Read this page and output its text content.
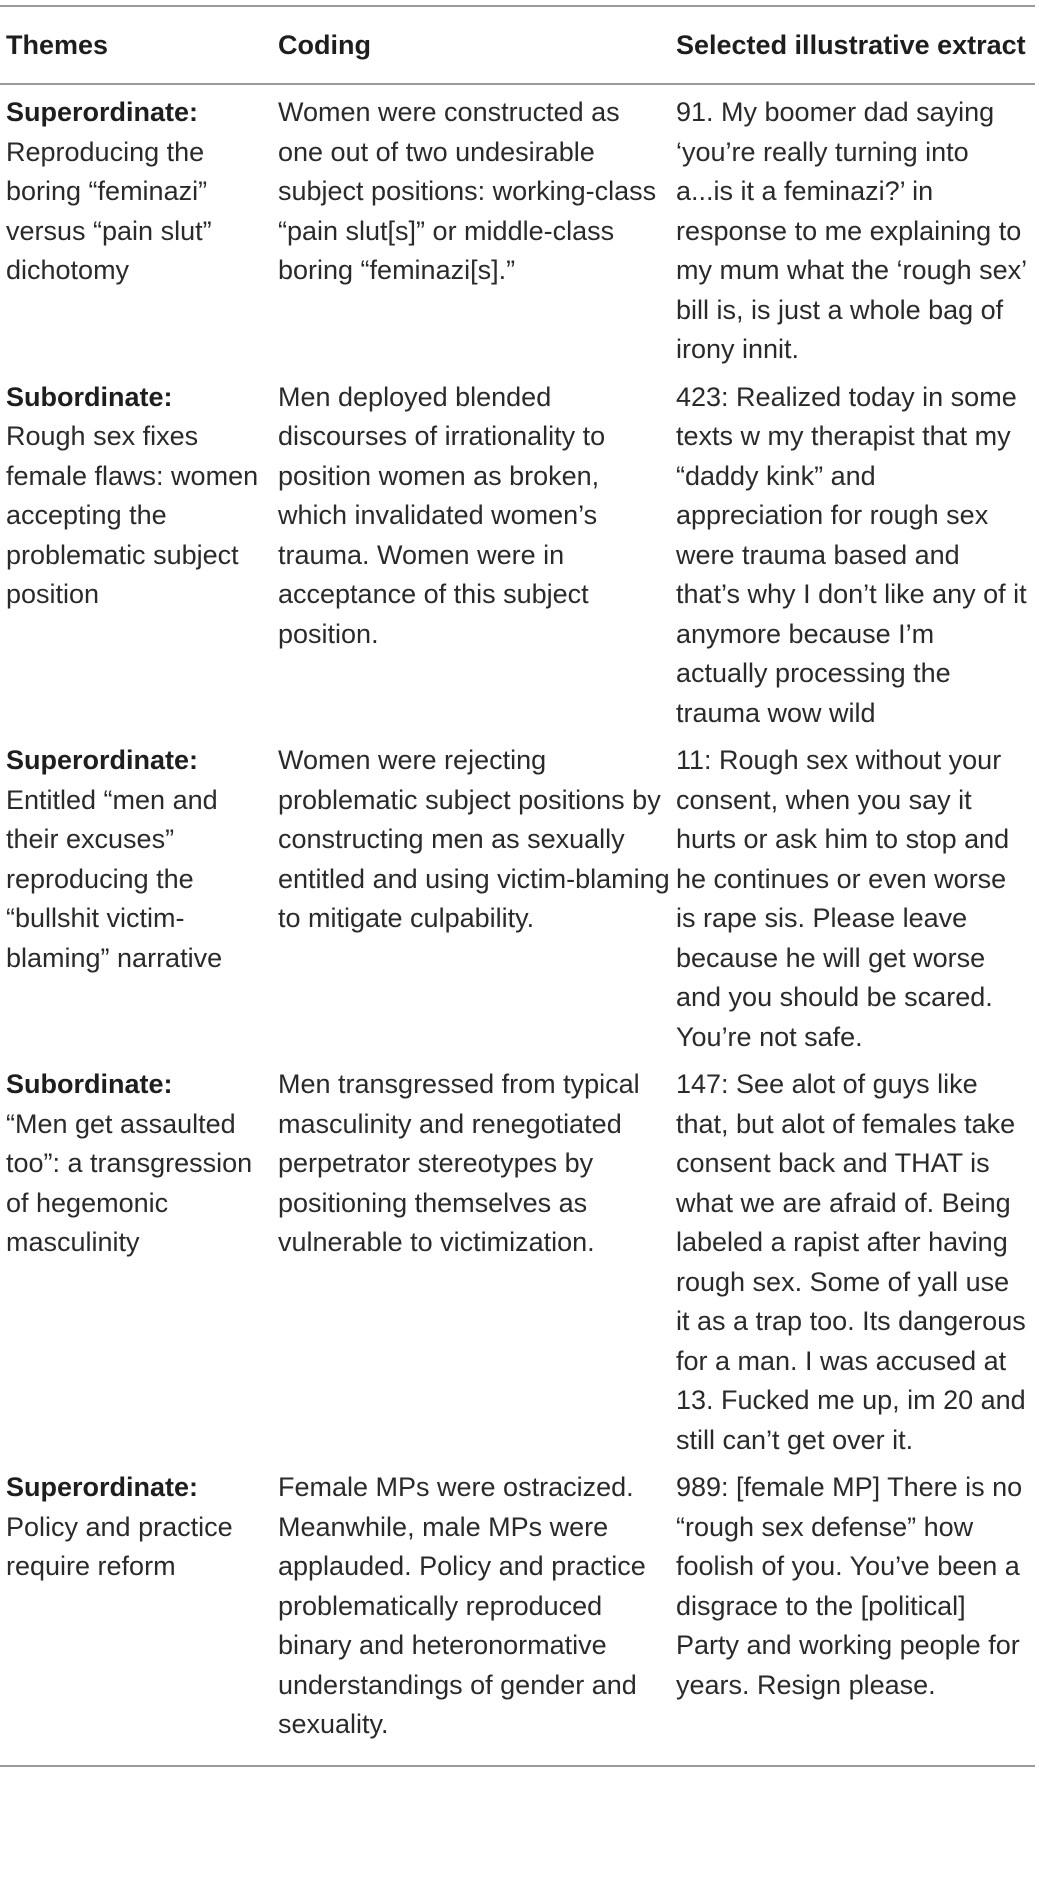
Themes	Coding	Selected illustrative extract

Superordinate:
Reproducing the boring “feminazi” versus “pain slut” dichotomy	Women were constructed as one out of two undesirable subject positions: working-class “pain slut[s]” or middle-class boring “feminazi[s].”	91. My boomer dad saying ‘you’re really turning into a...is it a feminazi?’ in response to me explaining to my mum what the ‘rough sex’ bill is, is just a whole bag of irony innit.

Subordinate:
Rough sex fixes female flaws: women accepting the problematic subject position	Men deployed blended discourses of irrationality to position women as broken, which invalidated women’s trauma. Women were in acceptance of this subject position.	423: Realized today in some texts w my therapist that my “daddy kink” and appreciation for rough sex were trauma based and that’s why I don’t like any of it anymore because I’m actually processing the trauma wow wild

Superordinate:
Entitled “men and their excuses” reproducing the “bullshit victim-blaming” narrative	Women were rejecting problematic subject positions by constructing men as sexually entitled and using victim-blaming to mitigate culpability.	11: Rough sex without your consent, when you say it hurts or ask him to stop and he continues or even worse is rape sis. Please leave because he will get worse and you should be scared. You’re not safe.

Subordinate:
“Men get assaulted too”: a transgression of hegemonic masculinity	Men transgressed from typical masculinity and renegotiated perpetrator stereotypes by positioning themselves as vulnerable to victimization.	147: See alot of guys like that, but alot of females take consent back and THAT is what we are afraid of. Being labeled a rapist after having rough sex. Some of yall use it as a trap too. Its dangerous for a man. I was accused at 13. Fucked me up, im 20 and still can’t get over it.

Superordinate:
Policy and practice require reform	Female MPs were ostracized. Meanwhile, male MPs were applauded. Policy and practice problematically reproduced binary and heteronormative understandings of gender and sexuality.	989: [female MP] There is no “rough sex defense” how foolish of you. You’ve been a disgrace to the [political] Party and working people for years. Resign please.
